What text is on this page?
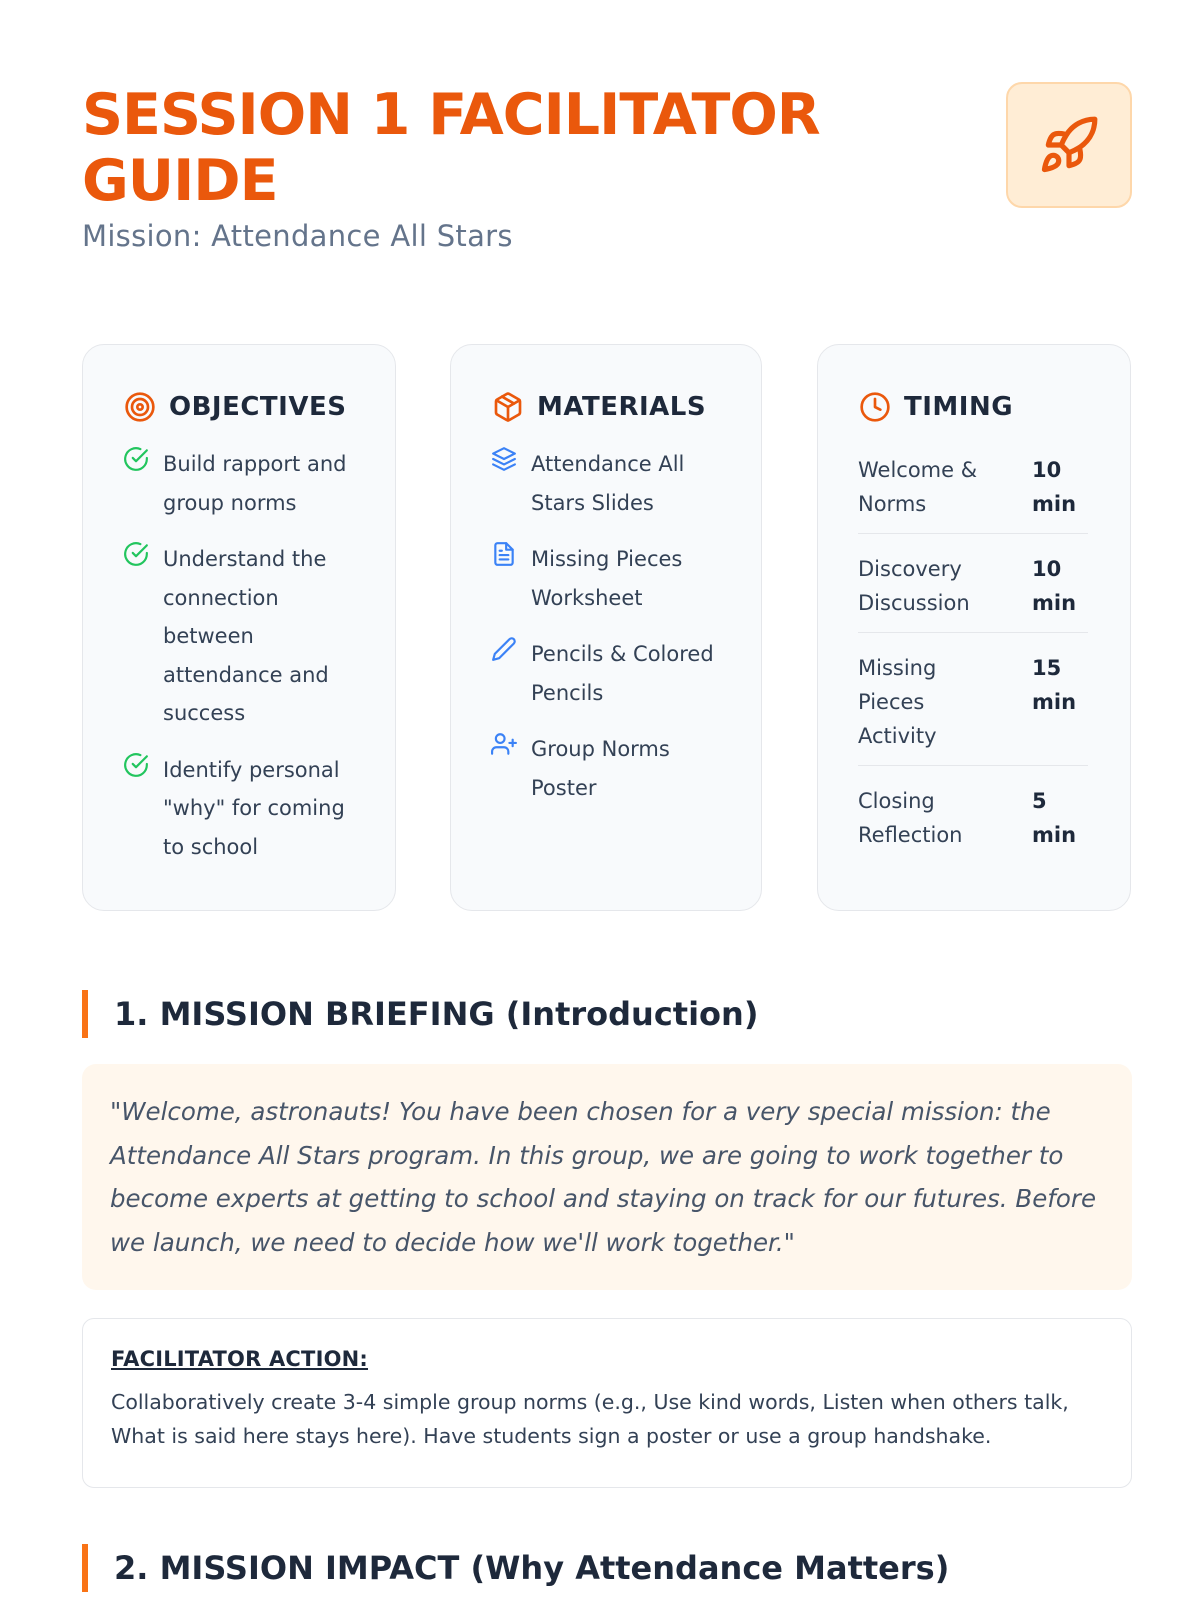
SESSION 1 FACILITATOR GUIDE
Mission: Attendance All Stars
OBJECTIVES
Build rapport and group norms
Understand the connection between attendance and success
Identify personal "why" for coming to school
MATERIALS
Attendance All Stars Slides
Missing Pieces Worksheet
Pencils & Colored Pencils
Group Norms Poster
TIMING
Welcome & Norms
10 min
Discovery Discussion
10 min
Missing Pieces Activity
15 min
Closing Reflection
5 min
1. MISSION BRIEFING (Introduction)

"Welcome, astronauts! You have been chosen for a very special mission: the Attendance All Stars program. In this group, we are going to work together to become experts at getting to school and staying on track for our futures. Before we launch, we need to decide how we'll work together."

FACILITATOR ACTION:

Collaboratively create 3-4 simple group norms (e.g., Use kind words, Listen when others talk, What is said here stays here). Have students sign a poster or use a group handshake.

2. MISSION IMPACT (Why Attendance Matters)
